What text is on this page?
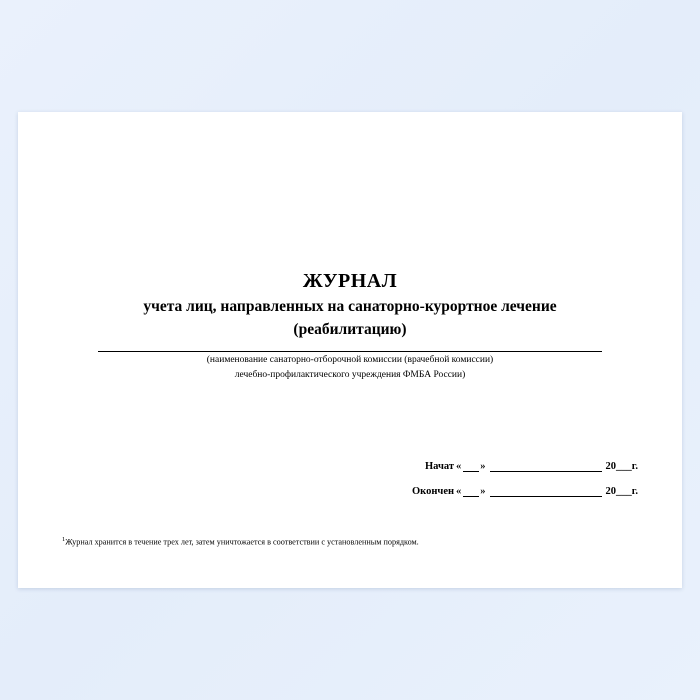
ЖУРНАЛ
учета лиц, направленных на санаторно-курортное лечение
(реабилитацию)
(наименование санаторно-отборочной комиссии (врачебной комиссии)
лечебно-профилактического учреждения ФМБА России)
Начат « »	20___г.
Окончен « »	20___г.
$^1$Журнал хранится в течение трех лет, затем уничтожается в соответствии с установленным порядком.
